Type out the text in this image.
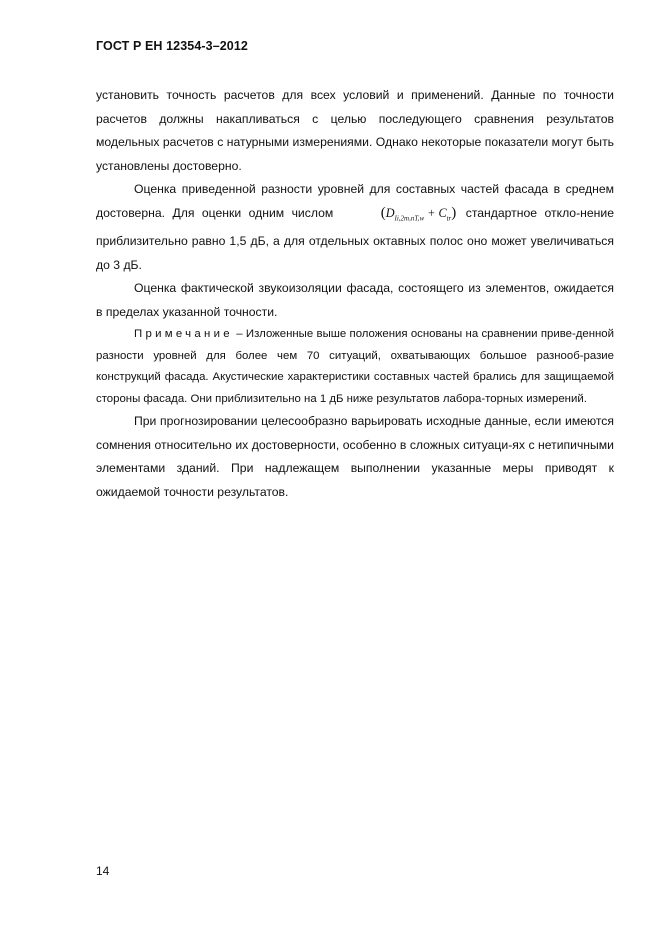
ГОСТ Р ЕН 12354-3–2012

установить точность расчетов для всех условий и применений. Данные по точности расчетов должны накапливаться с целью последующего сравнения результатов модельных расчетов с натурными измерениями. Однако некоторые показатели могут быть установлены достоверно.

Оценка приведенной разности уровней для составных частей фасада в среднем достоверна. Для оценки одним числом	$(D_{Ii,2m,nT,w} + C_{tr})$ стандартное откло-нение приблизительно равно 1,5 дБ, а для отдельных октавных полос оно может увеличиваться до 3 дБ.

Оценка фактической звукоизоляции фасада, состоящего из элементов, ожидается в пределах указанной точности.

Примечание – Изложенные выше положения основаны на сравнении приве-денной разности уровней для более чем 70 ситуаций, охватывающих большое разнооб-разие конструкций фасада. Акустические характеристики составных частей брались для защищаемой стороны фасада. Они приблизительно на 1 дБ ниже результатов лабора-торных измерений.

При прогнозировании целесообразно варьировать исходные данные, если имеются сомнения относительно их достоверности, особенно в сложных ситуаци-ях с нетипичными элементами зданий. При надлежащем выполнении указанные меры приводят к ожидаемой точности результатов.

14
